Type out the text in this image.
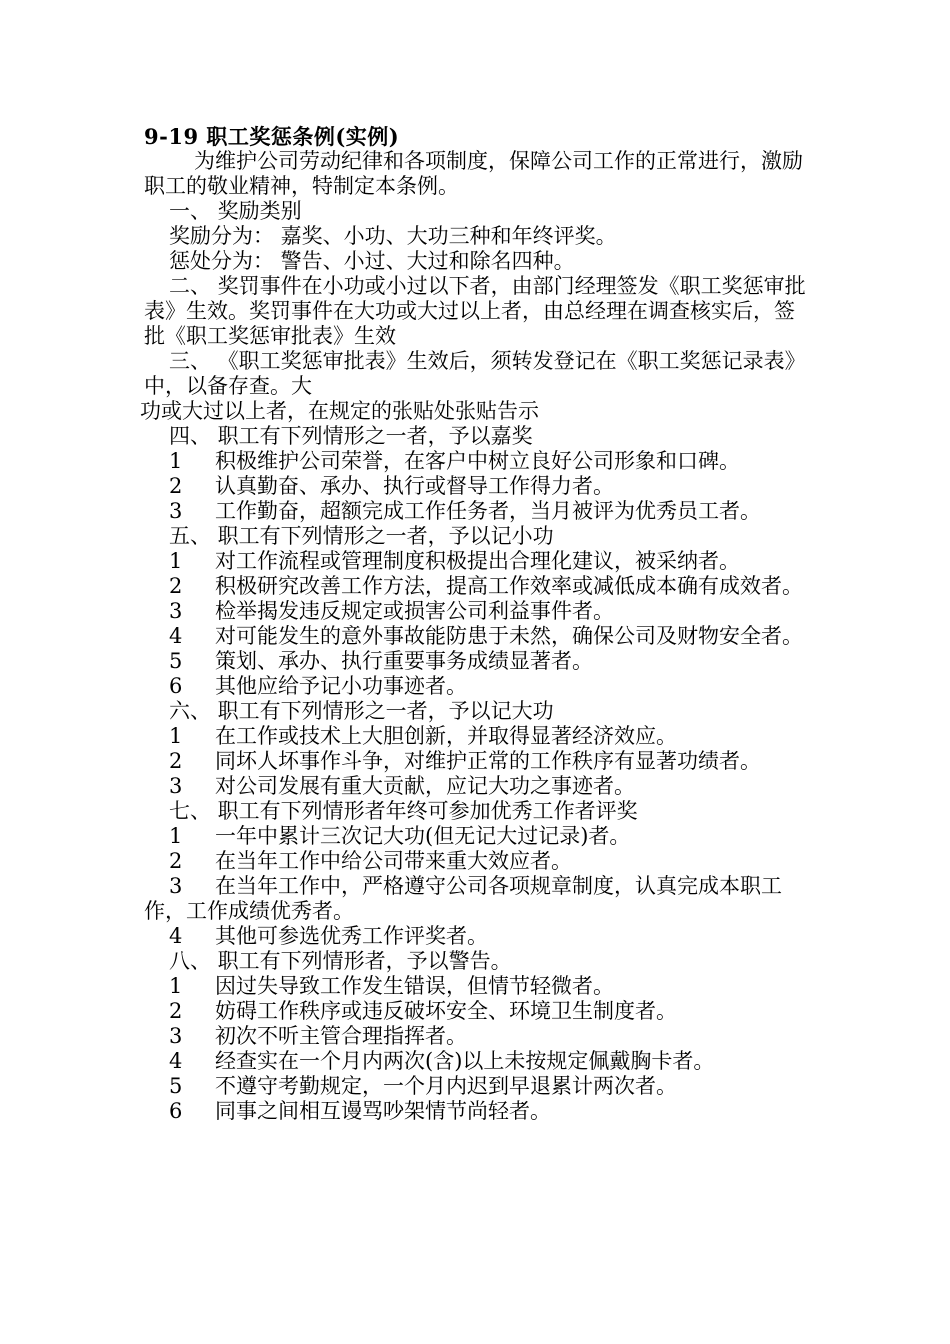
9-19 职工奖惩条例(实例)
为维护公司劳动纪律和各项制度，保障公司工作的正常进行，激励职工的敬业精神，特制定本条例。
一、 奖励类别
奖励分为： 嘉奖、小功、大功三种和年终评奖。
惩处分为： 警告、小过、大过和除名四种。
二、 奖罚事件在小功或小过以下者，由部门经理签发《职工奖惩审批表》生效。奖罚事件在大功或大过以上者，由总经理在调查核实后，签批《职工奖惩审批表》生效
三、 《职工奖惩审批表》生效后，须转发登记在《职工奖惩记录表》中，以备存查。大
功或大过以上者，在规定的张贴处张贴告示
四、 职工有下列情形之一者，予以嘉奖
1 积极维护公司荣誉，在客户中树立良好公司形象和口碑。
2 认真勤奋、承办、执行或督导工作得力者。
3 工作勤奋，超额完成工作任务者，当月被评为优秀员工者。
五、 职工有下列情形之一者，予以记小功
1 对工作流程或管理制度积极提出合理化建议，被采纳者。
2 积极研究改善工作方法，提高工作效率或减低成本确有成效者。
3 检举揭发违反规定或损害公司利益事件者。
4 对可能发生的意外事故能防患于未然，确保公司及财物安全者。
5 策划、承办、执行重要事务成绩显著者。
6 其他应给予记小功事迹者。
六、 职工有下列情形之一者，予以记大功
1 在工作或技术上大胆创新，并取得显著经济效应。
2 同坏人坏事作斗争，对维护正常的工作秩序有显著功绩者。
3 对公司发展有重大贡献，应记大功之事迹者。
七、 职工有下列情形者年终可参加优秀工作者评奖
1 一年中累计三次记大功(但无记大过记录)者。
2 在当年工作中给公司带来重大效应者。
3 在当年工作中，严格遵守公司各项规章制度，认真完成本职工作，工作成绩优秀者。
4 其他可参选优秀工作评奖者。
八、 职工有下列情形者，予以警告。
1 因过失导致工作发生错误，但情节轻微者。
2 妨碍工作秩序或违反破坏安全、环境卫生制度者。
3 初次不听主管合理指挥者。
4 经查实在一个月内两次(含)以上未按规定佩戴胸卡者。
5 不遵守考勤规定，一个月内迟到早退累计两次者。
6 同事之间相互谩骂吵架情节尚轻者。
